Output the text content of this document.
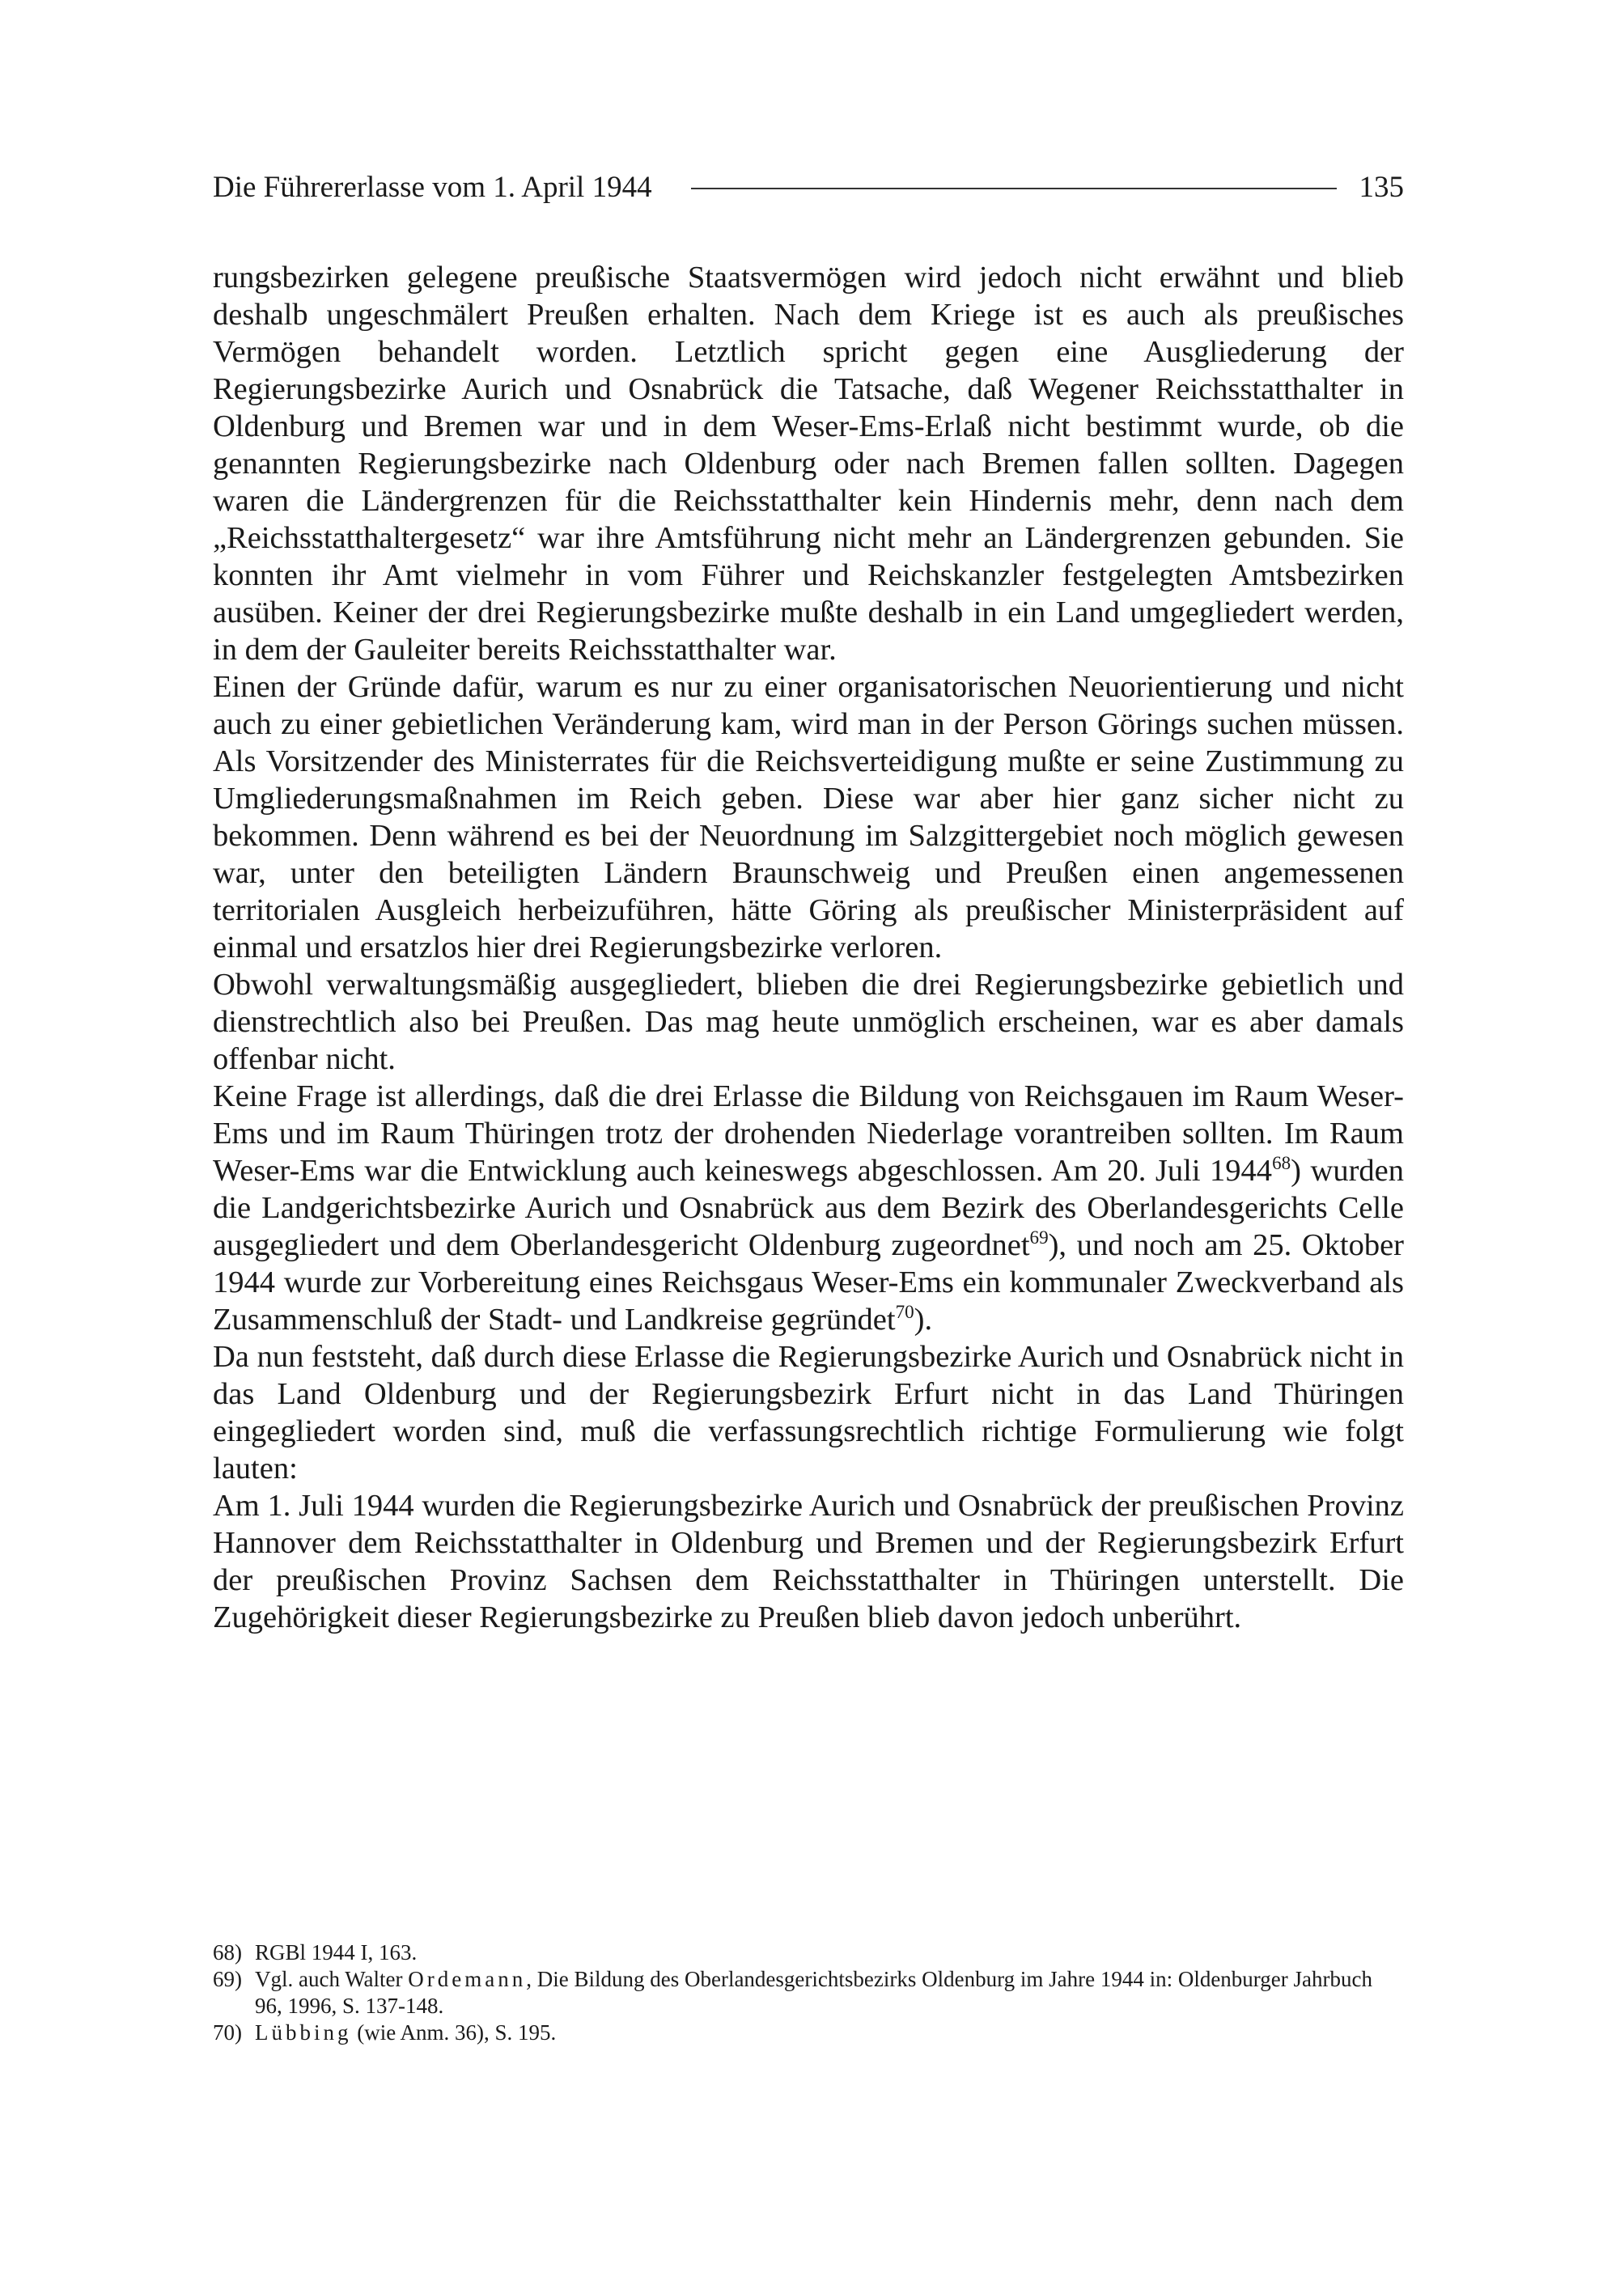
Die Führererlasse vom 1. April 1944	135

rungsbezirken gelegene preußische Staatsvermögen wird jedoch nicht erwähnt und blieb deshalb ungeschmälert Preußen erhalten. Nach dem Kriege ist es auch als preußisches Vermögen behandelt worden. Letztlich spricht gegen eine Ausgliederung der Regierungsbezirke Aurich und Osnabrück die Tatsache, daß Wegener Reichsstatthalter in Oldenburg und Bremen war und in dem Weser-Ems-Erlaß nicht bestimmt wurde, ob die genannten Regierungsbezirke nach Oldenburg oder nach Bremen fallen sollten. Dagegen waren die Ländergrenzen für die Reichsstatthalter kein Hindernis mehr, denn nach dem „Reichsstatthaltergesetz“ war ihre Amtsführung nicht mehr an Ländergrenzen gebunden. Sie konnten ihr Amt vielmehr in vom Führer und Reichskanzler festgelegten Amtsbezirken ausüben. Keiner der drei Regierungsbezirke mußte deshalb in ein Land umgegliedert werden, in dem der Gauleiter bereits Reichsstatthalter war.

Einen der Gründe dafür, warum es nur zu einer organisatorischen Neuorientierung und nicht auch zu einer gebietlichen Veränderung kam, wird man in der Person Görings suchen müssen. Als Vorsitzender des Ministerrates für die Reichsverteidigung mußte er seine Zustimmung zu Umgliederungsmaßnahmen im Reich geben. Diese war aber hier ganz sicher nicht zu bekommen. Denn während es bei der Neuordnung im Salzgittergebiet noch möglich gewesen war, unter den beteiligten Ländern Braunschweig und Preußen einen angemessenen territorialen Ausgleich herbeizuführen, hätte Göring als preußischer Ministerpräsident auf einmal und ersatzlos hier drei Regierungsbezirke verloren.

Obwohl verwaltungsmäßig ausgegliedert, blieben die drei Regierungsbezirke gebietlich und dienstrechtlich also bei Preußen. Das mag heute unmöglich erscheinen, war es aber damals offenbar nicht.

Keine Frage ist allerdings, daß die drei Erlasse die Bildung von Reichsgauen im Raum Weser-Ems und im Raum Thüringen trotz der drohenden Niederlage vorantreiben sollten. Im Raum Weser-Ems war die Entwicklung auch keineswegs abgeschlossen. Am 20. Juli 1944$^{68}$) wurden die Landgerichtsbezirke Aurich und Osnabrück aus dem Bezirk des Oberlandesgerichts Celle ausgegliedert und dem Oberlandesgericht Oldenburg zugeordnet$^{69}$), und noch am 25. Oktober 1944 wurde zur Vorbereitung eines Reichsgaus Weser-Ems ein kommunaler Zweckverband als Zusammenschluß der Stadt- und Landkreise gegründet$^{70}$).

Da nun feststeht, daß durch diese Erlasse die Regierungsbezirke Aurich und Osnabrück nicht in das Land Oldenburg und der Regierungsbezirk Erfurt nicht in das Land Thüringen eingegliedert worden sind, muß die verfassungsrechtlich richtige Formulierung wie folgt lauten:

Am 1. Juli 1944 wurden die Regierungsbezirke Aurich und Osnabrück der preußischen Provinz Hannover dem Reichsstatthalter in Oldenburg und Bremen und der Regierungsbezirk Erfurt der preußischen Provinz Sachsen dem Reichsstatthalter in Thüringen unterstellt. Die Zugehörigkeit dieser Regierungsbezirke zu Preußen blieb davon jedoch unberührt.

68) RGBl 1944 I, 163.
69) Vgl. auch Walter Ordemann, Die Bildung des Oberlandesgerichtsbezirks Oldenburg im Jahre 1944 in: Oldenburger Jahrbuch 96, 1996, S. 137-148.
70) Lübbing (wie Anm. 36), S. 195.
